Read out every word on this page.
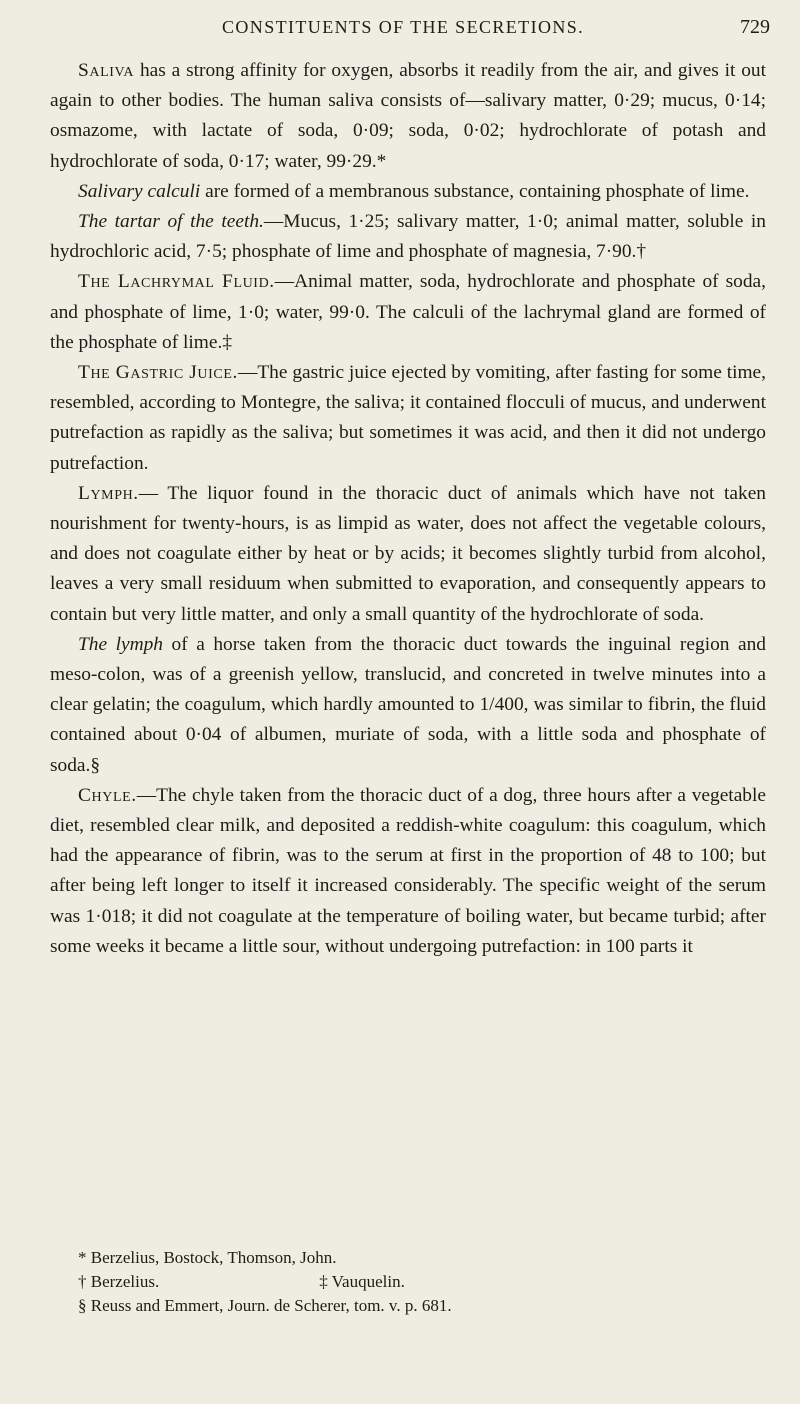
CONSTITUENTS OF THE SECRETIONS.	729

Saliva has a strong affinity for oxygen, absorbs it readily from the air, and gives it out again to other bodies. The human saliva consists of—salivary matter, 0·29; mucus, 0·14; osmazome, with lactate of soda, 0·09; soda, 0·02; hydrochlorate of potash and hydrochlorate of soda, 0·17; water, 99·29.*

Salivary calculi are formed of a membranous substance, containing phosphate of lime.

The tartar of the teeth.—Mucus, 1·25; salivary matter, 1·0; animal matter, soluble in hydrochloric acid, 7·5; phosphate of lime and phosphate of magnesia, 7·90.†

The Lachrymal Fluid.—Animal matter, soda, hydrochlorate and phosphate of soda, and phosphate of lime, 1·0; water, 99·0. The calculi of the lachrymal gland are formed of the phosphate of lime.‡

The Gastric Juice.—The gastric juice ejected by vomiting, after fasting for some time, resembled, according to Montegre, the saliva; it contained flocculi of mucus, and underwent putrefaction as rapidly as the saliva; but sometimes it was acid, and then it did not undergo putrefaction.

Lymph.— The liquor found in the thoracic duct of animals which have not taken nourishment for twenty-hours, is as limpid as water, does not affect the vegetable colours, and does not coagulate either by heat or by acids; it becomes slightly turbid from alcohol, leaves a very small residuum when submitted to evaporation, and consequently appears to contain but very little matter, and only a small quantity of the hydrochlorate of soda.

The lymph of a horse taken from the thoracic duct towards the inguinal region and meso-colon, was of a greenish yellow, translucid, and concreted in twelve minutes into a clear gelatin; the coagulum, which hardly amounted to 1/400, was similar to fibrin, the fluid contained about 0·04 of albumen, muriate of soda, with a little soda and phosphate of soda.§

Chyle.—The chyle taken from the thoracic duct of a dog, three hours after a vegetable diet, resembled clear milk, and deposited a reddish-white coagulum: this coagulum, which had the appearance of fibrin, was to the serum at first in the proportion of 48 to 100; but after being left longer to itself it increased considerably. The specific weight of the serum was 1·018; it did not coagulate at the temperature of boiling water, but became turbid; after some weeks it became a little sour, without undergoing putrefaction: in 100 parts it

* Berzelius, Bostock, Thomson, John.

† Berzelius.	‡ Vauquelin.

§ Reuss and Emmert, Journ. de Scherer, tom. v. p. 681.
